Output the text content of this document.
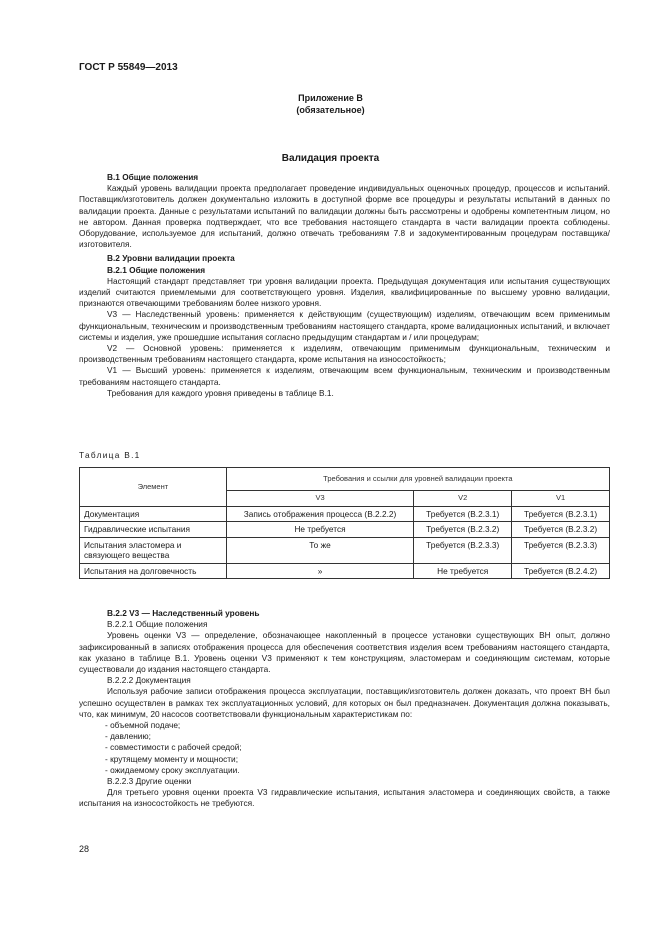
ГОСТ Р 55849—2013
Приложение В
(обязательное)
Валидация проекта

В.1 Общие положения

Каждый уровень валидации проекта предполагает проведение индивидуальных оценочных процедур, процессов и испытаний. Поставщик/изготовитель должен документально изложить в доступной форме все процедуры и результаты испытаний в данных по валидации проекта. Данные с результатами испытаний по валидации должны быть рассмотрены и одобрены компетентным лицом, но не автором. Данная проверка подтверждает, что все требования настоящего стандарта в части валидации проекта соблюдены. Оборудование, используемое для испытаний, должно отвечать требованиям 7.8 и задокументированным процедурам поставщика/изготовителя.

В.2 Уровни валидации проекта

В.2.1 Общие положения

Настоящий стандарт представляет три уровня валидации проекта. Предыдущая документация или испытания существующих изделий считаются приемлемыми для соответствующего уровня. Изделия, квалифицированные по высшему уровню валидации, признаются отвечающими требованиям более низкого уровня.

V3 — Наследственный уровень: применяется к действующим (существующим) изделиям, отвечающим всем применимым функциональным, техническим и производственным требованиям настоящего стандарта, кроме валидационных испытаний, и включает системы и изделия, уже прошедшие испытания согласно предыдущим стандартам и / или процедурам;

V2 — Основной уровень: применяется к изделиям, отвечающим применимым функциональным, техническим и производственным требованиям настоящего стандарта, кроме испытания на износостойкость;

V1 — Высший уровень: применяется к изделиям, отвечающим всем функциональным, техническим и производственным требованиям настоящего стандарта.

Требования для каждого уровня приведены в таблице В.1.

Таблица В.1
Элемент	Требования и ссылки для уровней валидации проекта		
	V3	V2	V1
Документация	Запись отображения процесса (В.2.2.2)	Требуется (В.2.3.1)	Требуется (В.2.3.1)
Гидравлические испытания	Не требуется	Требуется (В.2.3.2)	Требуется (В.2.3.2)
Испытания эластомера и связующего вещества	То же	Требуется (В.2.3.3)	Требуется (В.2.3.3)
Испытания на долговечность	»	Не требуется	Требуется (В.2.4.2)

В.2.2 V3 — Наследственный уровень

В.2.2.1 Общие положения

Уровень оценки V3 — определение, обозначающее накопленный в процессе установки существующих ВН опыт, должно зафиксированный в записях отображения процесса для обеспечения соответствия изделия всем требованиям настоящего стандарта, как указано в таблице В.1. Уровень оценки V3 применяют к тем конструкциям, эластомерам и соединяющим системам, которые существовали до издания настоящего стандарта.

В.2.2.2 Документация

Используя рабочие записи отображения процесса эксплуатации, поставщик/изготовитель должен доказать, что проект ВН был успешно осуществлен в рамках тех эксплуатационных условий, для которых он был предназначен. Документация должна показывать, что, как минимум, 20 насосов соответствовали функциональным характеристикам по:

- объемной подаче;

- давлению;

- совместимости с рабочей средой;

- крутящему моменту и мощности;

- ожидаемому сроку эксплуатации.

В.2.2.3 Другие оценки

Для третьего уровня оценки проекта V3 гидравлические испытания, испытания эластомера и соединяющих свойств, а также испытания на износостойкость не требуются.

28
